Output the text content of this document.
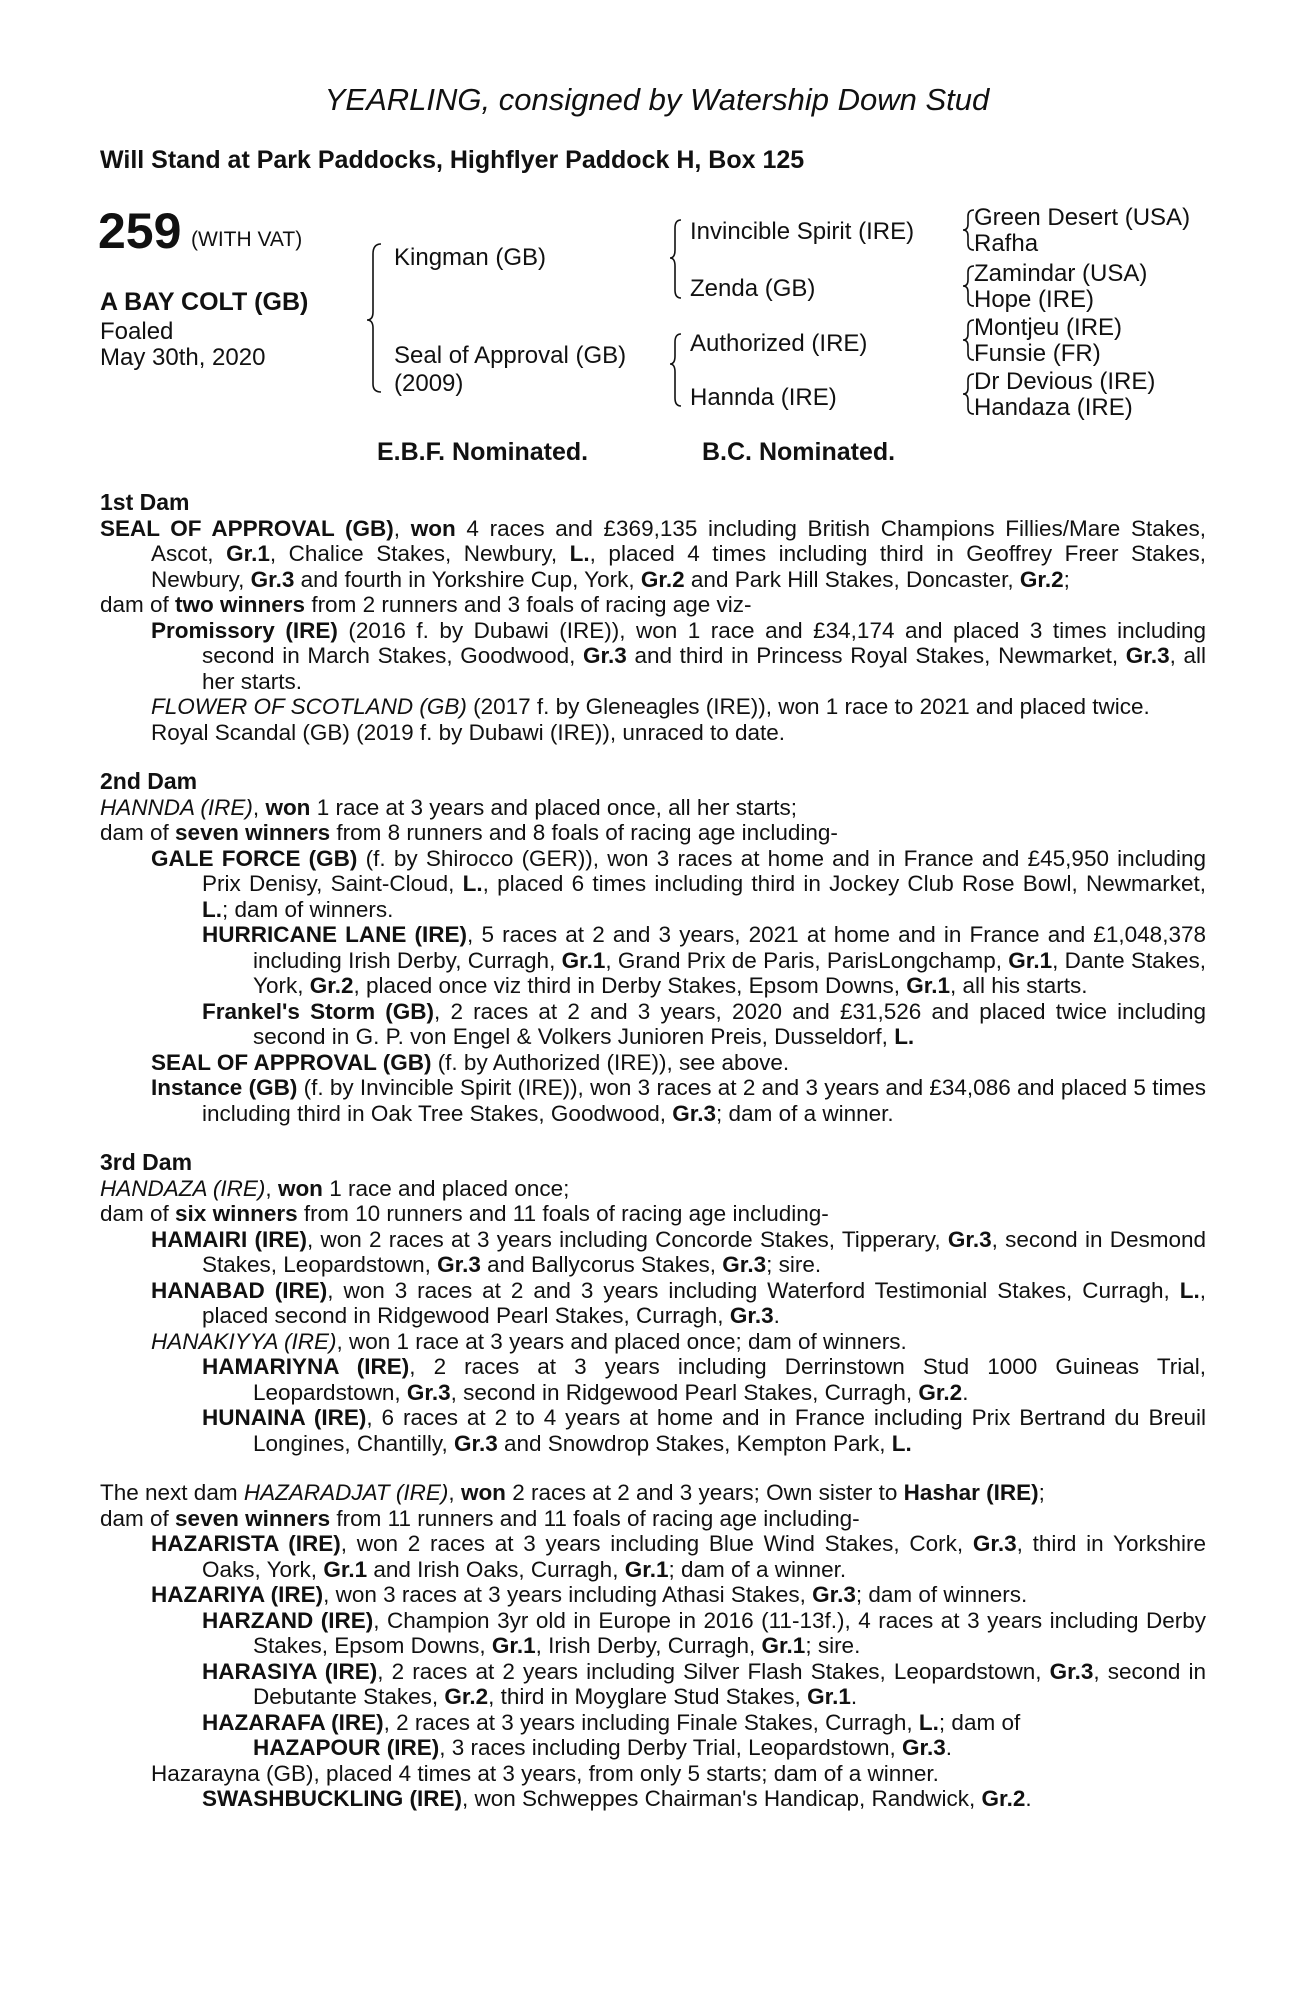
YEARLING, consigned by Watership Down Stud
Will Stand at Park Paddocks, Highflyer Paddock H, Box 125
259 (WITH VAT)
A BAY COLT (GB)
Foaled
May 30th, 2020
Kingman (GB)
Seal of Approval (GB)
(2009)
Invincible Spirit (IRE)
Zenda (GB)
Authorized (IRE)
Hannda (IRE)
Green Desert (USA)
Rafha
Zamindar (USA)
Hope (IRE)
Montjeu (IRE)
Funsie (FR)
Dr Devious (IRE)
Handaza (IRE)
E.B.F. Nominated.	B.C. Nominated.
1st Dam

SEAL OF APPROVAL (GB), won 4 races and £369,135 including British Champions Fillies/Mare Stakes, Ascot, Gr.1, Chalice Stakes, Newbury, L., placed 4 times including third in Geoffrey Freer Stakes, Newbury, Gr.3 and fourth in Yorkshire Cup, York, Gr.2 and Park Hill Stakes, Doncaster, Gr.2;

dam of two winners from 2 runners and 3 foals of racing age viz-

Promissory (IRE) (2016 f. by Dubawi (IRE)), won 1 race and £34,174 and placed 3 times including second in March Stakes, Goodwood, Gr.3 and third in Princess Royal Stakes, Newmarket, Gr.3, all her starts.

FLOWER OF SCOTLAND (GB) (2017 f. by Gleneagles (IRE)), won 1 race to 2021 and placed twice.

Royal Scandal (GB) (2019 f. by Dubawi (IRE)), unraced to date.

2nd Dam

HANNDA (IRE), won 1 race at 3 years and placed once, all her starts;

dam of seven winners from 8 runners and 8 foals of racing age including-

GALE FORCE (GB) (f. by Shirocco (GER)), won 3 races at home and in France and £45,950 including Prix Denisy, Saint-Cloud, L., placed 6 times including third in Jockey Club Rose Bowl, Newmarket, L.; dam of winners.

HURRICANE LANE (IRE), 5 races at 2 and 3 years, 2021 at home and in France and £1,048,378 including Irish Derby, Curragh, Gr.1, Grand Prix de Paris, ParisLongchamp, Gr.1, Dante Stakes, York, Gr.2, placed once viz third in Derby Stakes, Epsom Downs, Gr.1, all his starts.

Frankel's Storm (GB), 2 races at 2 and 3 years, 2020 and £31,526 and placed twice including second in G. P. von Engel & Volkers Junioren Preis, Dusseldorf, L.

SEAL OF APPROVAL (GB) (f. by Authorized (IRE)), see above.

Instance (GB) (f. by Invincible Spirit (IRE)), won 3 races at 2 and 3 years and £34,086 and placed 5 times including third in Oak Tree Stakes, Goodwood, Gr.3; dam of a winner.

3rd Dam

HANDAZA (IRE), won 1 race and placed once;

dam of six winners from 10 runners and 11 foals of racing age including-

HAMAIRI (IRE), won 2 races at 3 years including Concorde Stakes, Tipperary, Gr.3, second in Desmond Stakes, Leopardstown, Gr.3 and Ballycorus Stakes, Gr.3; sire.

HANABAD (IRE), won 3 races at 2 and 3 years including Waterford Testimonial Stakes, Curragh, L., placed second in Ridgewood Pearl Stakes, Curragh, Gr.3.

HANAKIYYA (IRE), won 1 race at 3 years and placed once; dam of winners.

HAMARIYNA (IRE), 2 races at 3 years including Derrinstown Stud 1000 Guineas Trial, Leopardstown, Gr.3, second in Ridgewood Pearl Stakes, Curragh, Gr.2.

HUNAINA (IRE), 6 races at 2 to 4 years at home and in France including Prix Bertrand du Breuil Longines, Chantilly, Gr.3 and Snowdrop Stakes, Kempton Park, L.

The next dam HAZARADJAT (IRE), won 2 races at 2 and 3 years; Own sister to Hashar (IRE);

dam of seven winners from 11 runners and 11 foals of racing age including-

HAZARISTA (IRE), won 2 races at 3 years including Blue Wind Stakes, Cork, Gr.3, third in Yorkshire Oaks, York, Gr.1 and Irish Oaks, Curragh, Gr.1; dam of a winner.

HAZARIYA (IRE), won 3 races at 3 years including Athasi Stakes, Gr.3; dam of winners.

HARZAND (IRE), Champion 3yr old in Europe in 2016 (11-13f.), 4 races at 3 years including Derby Stakes, Epsom Downs, Gr.1, Irish Derby, Curragh, Gr.1; sire.

HARASIYA (IRE), 2 races at 2 years including Silver Flash Stakes, Leopardstown, Gr.3, second in Debutante Stakes, Gr.2, third in Moyglare Stud Stakes, Gr.1.

HAZARAFA (IRE), 2 races at 3 years including Finale Stakes, Curragh, L.; dam of

HAZAPOUR (IRE), 3 races including Derby Trial, Leopardstown, Gr.3.

Hazarayna (GB), placed 4 times at 3 years, from only 5 starts; dam of a winner.

SWASHBUCKLING (IRE), won Schweppes Chairman's Handicap, Randwick, Gr.2.
